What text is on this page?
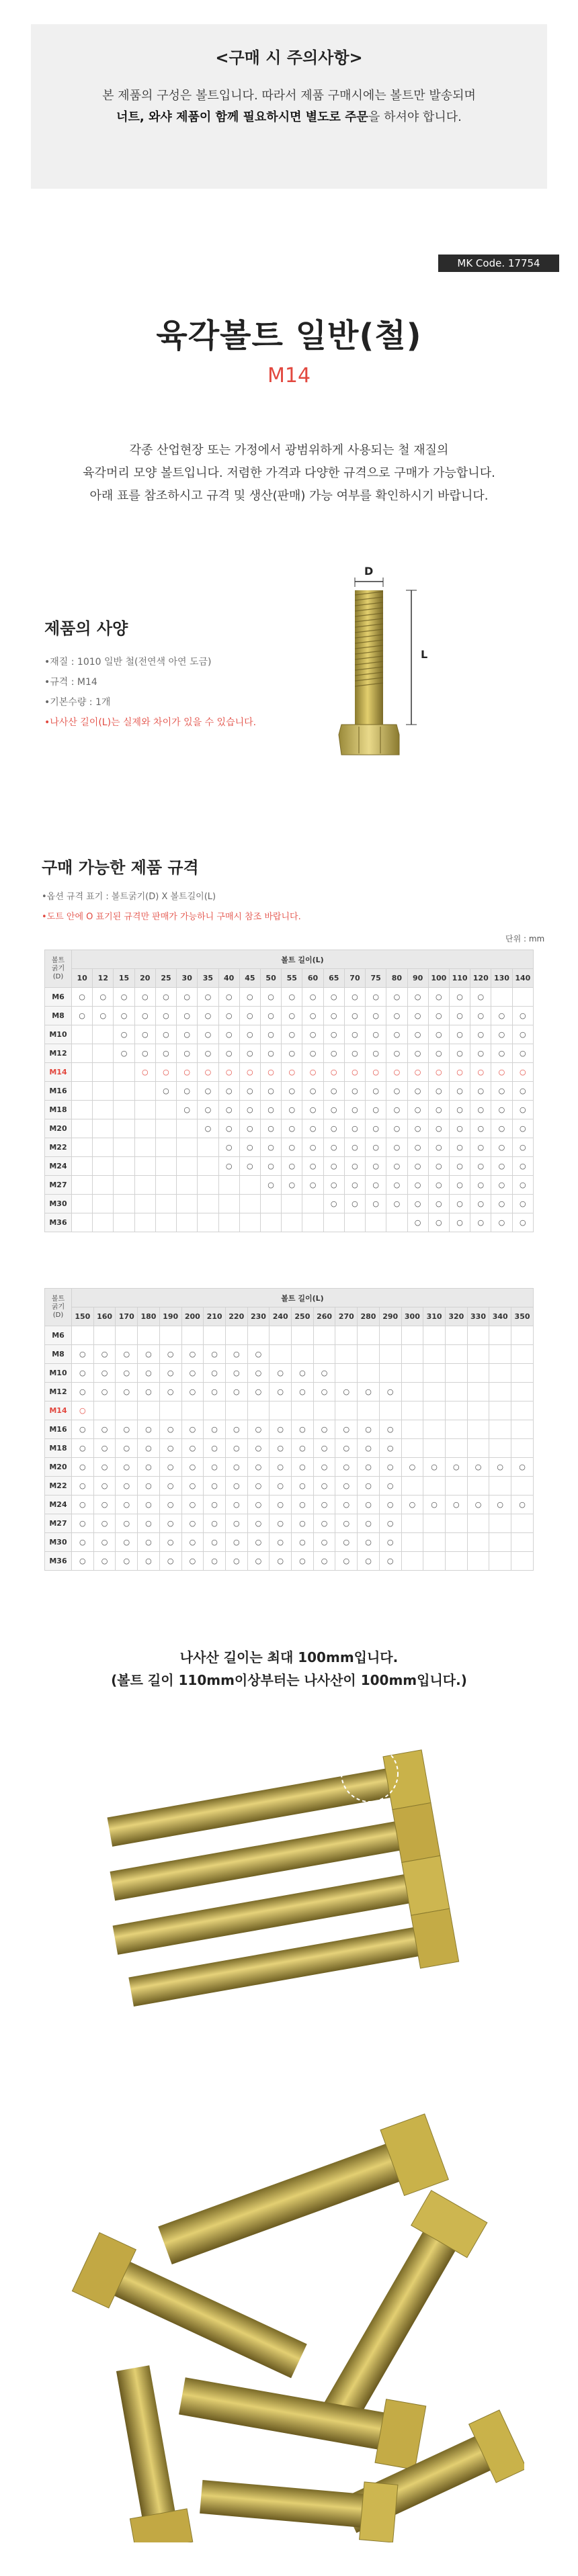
<구매 시 주의사항>
본 제품의 구성은 볼트입니다. 따라서 제품 구매시에는 볼트만 발송되며
너트, 와샤 제품이 함께 필요하시면 별도로 주문을 하셔야 합니다.
MK Code. 17754
육각볼트 일반(철)
M14

각종 산업현장 또는 가정에서 광범위하게 사용되는 철 재질의

육각머리 모양 볼트입니다. 저렴한 가격과 다양한 규격으로 구매가 가능합니다.

아래 표를 참조하시고 규격 및 생산(판매) 가능 여부를 확인하시기 바랍니다.

제품의 사양

•재질 : 1010 일반 철(전연색 아연 도금)

•규격 : M14

•기본수량 : 1개

•나사산 길이(L)는 실제와 차이가 있을 수 있습니다.

D
L
구매 가능한 제품 규격
•옵션 규격 표기 : 볼트굵기(D) X 볼트길이(L)
•도트 안에 O 표기된 규격만 판매가 가능하니 구매시 참조 바랍니다.
단위 : mm
볼트
굵기
(D)	볼트 길이(L)																					
	10	12	15	20	25	30	35	40	45	50	55	60	65	70	75	80	90	100	110	120	130	140
M6	○	○	○	○	○	○	○	○	○	○	○	○	○	○	○	○	○	○	○	○		
M8	○	○	○	○	○	○	○	○	○	○	○	○	○	○	○	○	○	○	○	○	○	○
M10			○	○	○	○	○	○	○	○	○	○	○	○	○	○	○	○	○	○	○	○
M12			○	○	○	○	○	○	○	○	○	○	○	○	○	○	○	○	○	○	○	○
M14				○	○	○	○	○	○	○	○	○	○	○	○	○	○	○	○	○	○	○
M16					○	○	○	○	○	○	○	○	○	○	○	○	○	○	○	○	○	○
M18						○	○	○	○	○	○	○	○	○	○	○	○	○	○	○	○	○
M20							○	○	○	○	○	○	○	○	○	○	○	○	○	○	○	○
M22								○	○	○	○	○	○	○	○	○	○	○	○	○	○	○
M24								○	○	○	○	○	○	○	○	○	○	○	○	○	○	○
M27										○	○	○	○	○	○	○	○	○	○	○	○	○
M30													○	○	○	○	○	○	○	○	○	○
M36																	○	○	○	○	○	○
볼트
굵기
(D)	볼트 길이(L)																				
	150	160	170	180	190	200	210	220	230	240	250	260	270	280	290	300	310	320	330	340	350
M6																					
M8	○	○	○	○	○	○	○	○	○												
M10	○	○	○	○	○	○	○	○	○	○	○	○									
M12	○	○	○	○	○	○	○	○	○	○	○	○	○	○	○						
M14	○																				
M16	○	○	○	○	○	○	○	○	○	○	○	○	○	○	○						
M18	○	○	○	○	○	○	○	○	○	○	○	○	○	○	○						
M20	○	○	○	○	○	○	○	○	○	○	○	○	○	○	○	○	○	○	○	○	○
M22	○	○	○	○	○	○	○	○	○	○	○	○	○	○	○						
M24	○	○	○	○	○	○	○	○	○	○	○	○	○	○	○	○	○	○	○	○	○
M27	○	○	○	○	○	○	○	○	○	○	○	○	○	○	○						
M30	○	○	○	○	○	○	○	○	○	○	○	○	○	○	○						
M36	○	○	○	○	○	○	○	○	○	○	○	○	○	○	○						

나사산 길이는 최대 100mm입니다.

(볼트 길이 110mm이상부터는 나사산이 100mm입니다.)
